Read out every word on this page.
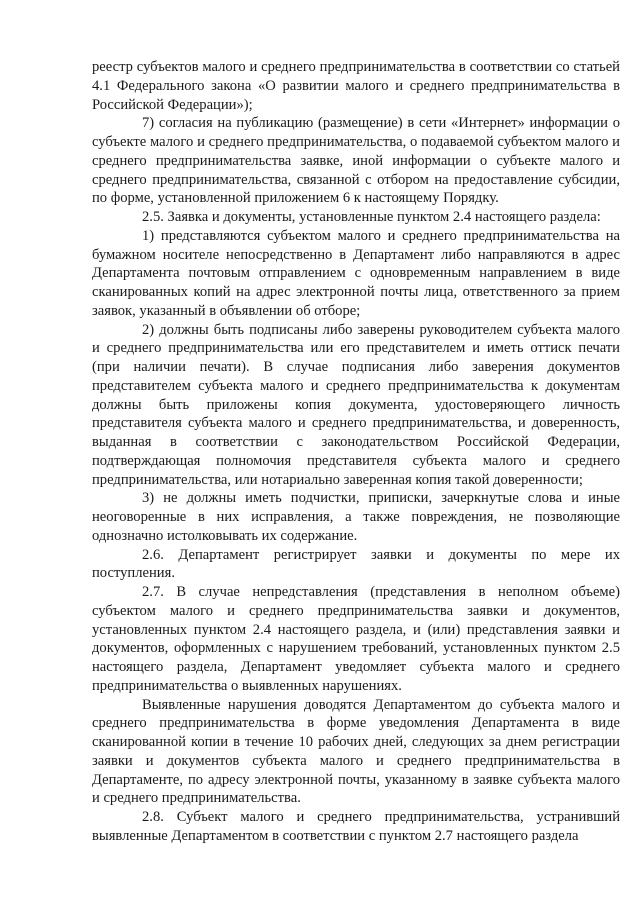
реестр субъектов малого и среднего предпринимательства в соответствии со статьей 4.1 Федерального закона «О развитии малого и среднего предпринимательства в Российской Федерации»);

7) согласия на публикацию (размещение) в сети «Интернет» информации о субъекте малого и среднего предпринимательства, о подаваемой субъектом малого и среднего предпринимательства заявке, иной информации о субъекте малого и среднего предпринимательства, связанной с отбором на предоставление субсидии, по форме, установленной приложением 6 к настоящему Порядку.

2.5. Заявка и документы, установленные пунктом 2.4 настоящего раздела:

1) представляются субъектом малого и среднего предпринимательства на бумажном носителе непосредственно в Департамент либо направляются в адрес Департамента почтовым отправлением с одновременным направлением в виде сканированных копий на адрес электронной почты лица, ответственного за прием заявок, указанный в объявлении об отборе;

2) должны быть подписаны либо заверены руководителем субъекта малого и среднего предпринимательства или его представителем и иметь оттиск печати (при наличии печати). В случае подписания либо заверения документов представителем субъекта малого и среднего предпринимательства к документам должны быть приложены копия документа, удостоверяющего личность представителя субъекта малого и среднего предпринимательства, и доверенность, выданная в соответствии с законодательством Российской Федерации, подтверждающая полномочия представителя субъекта малого и среднего предпринимательства, или нотариально заверенная копия такой доверенности;

3) не должны иметь подчистки, приписки, зачеркнутые слова и иные неоговоренные в них исправления, а также повреждения, не позволяющие однозначно истолковывать их содержание.

2.6. Департамент регистрирует заявки и документы по мере их поступления.

2.7. В случае непредставления (представления в неполном объеме) субъектом малого и среднего предпринимательства заявки и документов, установленных пунктом 2.4 настоящего раздела, и (или) представления заявки и документов, оформленных с нарушением требований, установленных пунктом 2.5 настоящего раздела, Департамент уведомляет субъекта малого и среднего предпринимательства о выявленных нарушениях.

Выявленные нарушения доводятся Департаментом до субъекта малого и среднего предпринимательства в форме уведомления Департамента в виде сканированной копии в течение 10 рабочих дней, следующих за днем регистрации заявки и документов субъекта малого и среднего предпринимательства в Департаменте, по адресу электронной почты, указанному в заявке субъекта малого и среднего предпринимательства.

2.8. Субъект малого и среднего предпринимательства, устранивший выявленные Департаментом в соответствии с пунктом 2.7 настоящего раздела
